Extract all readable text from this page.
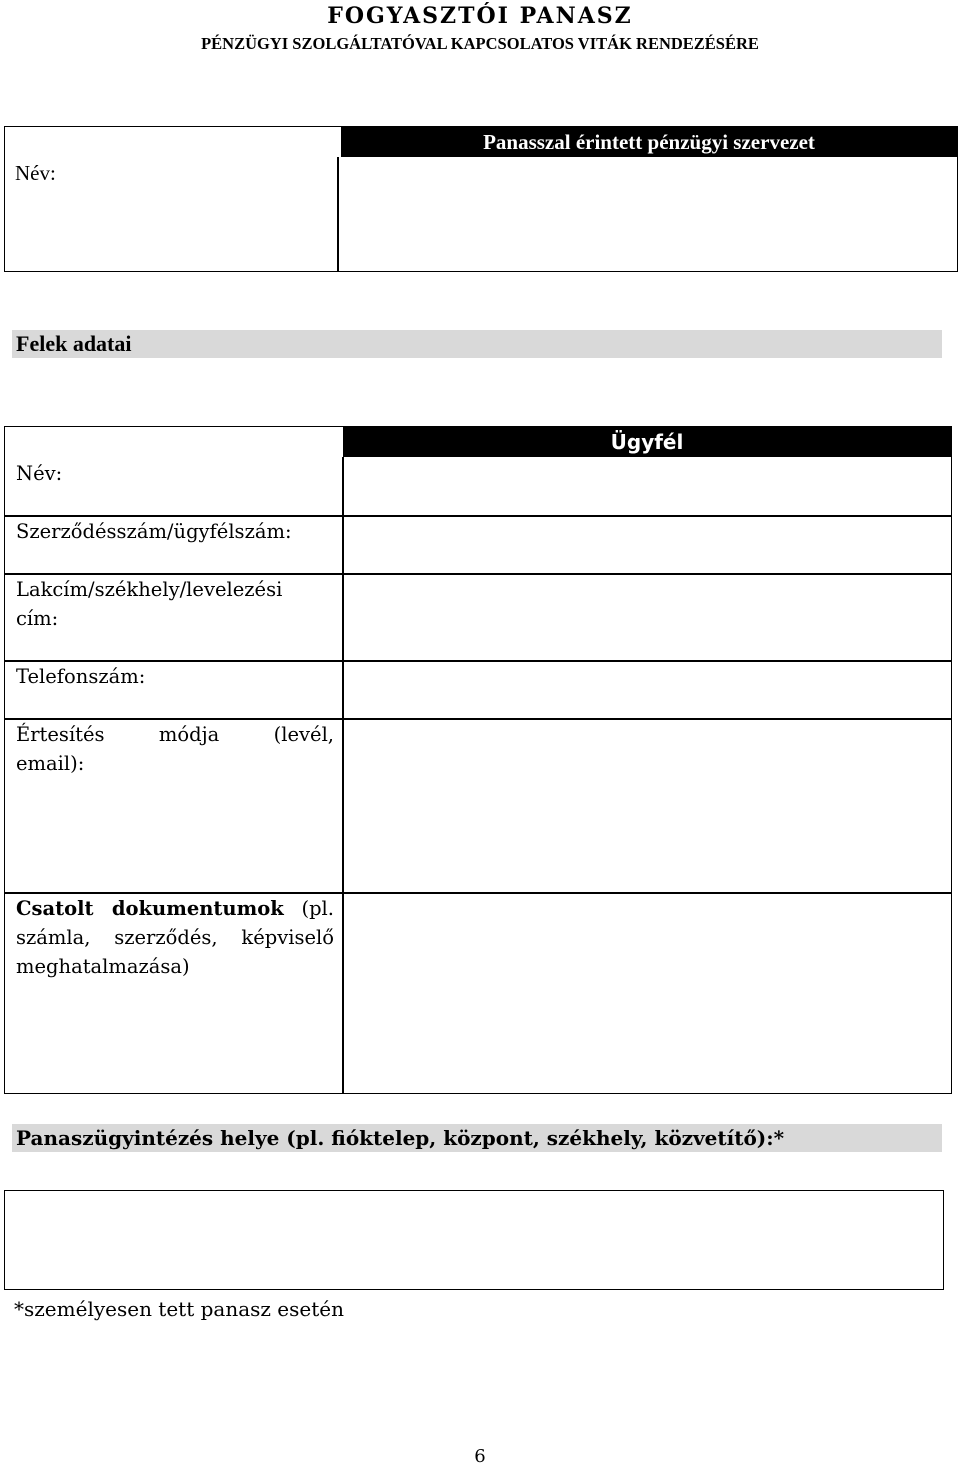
FOGYASZTÓI PANASZ
PÉNZÜGYI SZOLGÁLTATÓVAL KAPCSOLATOS VITÁK RENDEZÉSÉRE
Panasszal érintett pénzügyi szervezet
Név:
Felek adatai
Ügyfél
Név:
Szerződésszám/ügyfélszám:
Lakcím/székhely/levelezési
cím:
Telefonszám:
Értesítés módja (levél,
email):
Csatolt dokumentumok (pl.
számla, szerződés, képviselő
meghatalmazása)
Panaszügyintézés helye (pl. fióktelep, központ, székhely, közvetítő):*
*személyesen tett panasz esetén
6
